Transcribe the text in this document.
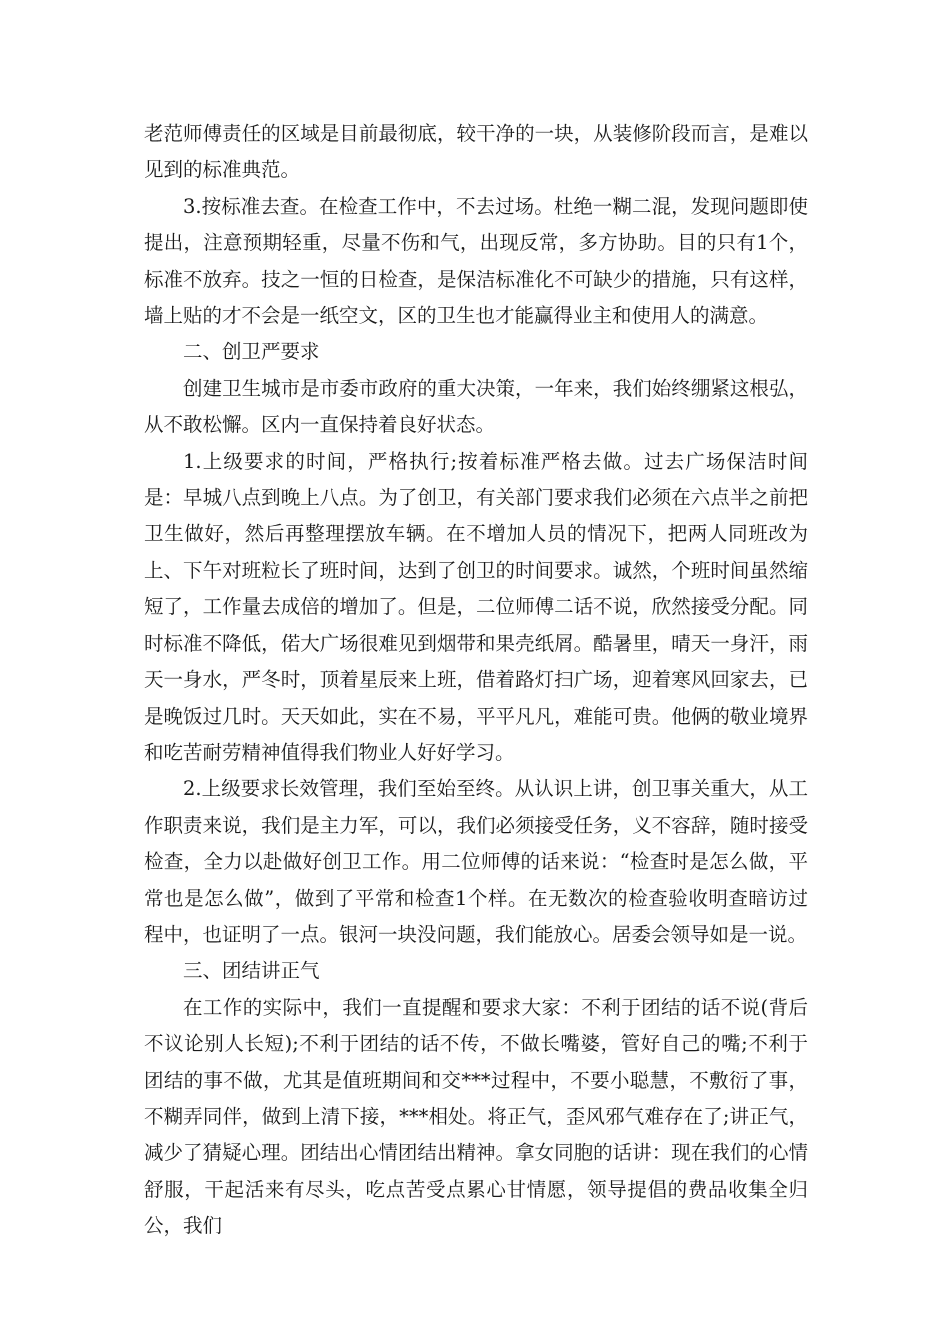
老范师傅责任的区域是目前最彻底，较干净的一块，从装修阶段而言，是难以见到的标准典范。

3.按标准去查。在检查工作中，不去过场。杜绝一糊二混，发现问题即使提出，注意预期轻重，尽量不伤和气，出现反常，多方协助。目的只有1个，标准不放弃。技之一恒的日检查，是保洁标准化不可缺少的措施，只有这样，墙上贴的才不会是一纸空文，区的卫生也才能赢得业主和使用人的满意。

二、创卫严要求

创建卫生城市是市委市政府的重大决策，一年来，我们始终绷紧这根弘，从不敢松懈。区内一直保持着良好状态。

1.上级要求的时间，严格执行;按着标准严格去做。过去广场保洁时间是：早城八点到晚上八点。为了创卫，有关部门要求我们必须在六点半之前把卫生做好，然后再整理摆放车辆。在不增加人员的情况下，把两人同班改为上、下午对班粒长了班时间，达到了创卫的时间要求。诚然，个班时间虽然缩短了，工作量去成倍的增加了。但是，二位师傅二话不说，欣然接受分配。同时标准不降低，偌大广场很难见到烟带和果壳纸屑。酷暑里，晴天一身汗，雨天一身水，严冬时，顶着星辰来上班，借着路灯扫广场，迎着寒风回家去，已是晚饭过几时。天天如此，实在不易，平平凡凡，难能可贵。他俩的敬业境界和吃苦耐劳精神值得我们物业人好好学习。

2.上级要求长效管理，我们至始至终。从认识上讲，创卫事关重大，从工作职责来说，我们是主力军，可以，我们必须接受任务，义不容辞，随时接受检查，全力以赴做好创卫工作。用二位师傅的话来说：“检查时是怎么做，平常也是怎么做”，做到了平常和检查1个样。在无数次的检查验收明查暗访过程中，也证明了一点。银河一块没问题，我们能放心。居委会领导如是一说。

三、团结讲正气

在工作的实际中，我们一直提醒和要求大家：不利于团结的话不说(背后不议论别人长短);不利于团结的话不传，不做长嘴婆，管好自己的嘴;不利于团结的事不做，尤其是值班期间和交***过程中，不要小聪慧，不敷衍了事，不糊弄同伴，做到上清下接，***相处。将正气，歪风邪气难存在了;讲正气，减少了猜疑心理。团结出心情团结出精神。拿女同胞的话讲：现在我们的心情舒服，干起活来有尽头，吃点苦受点累心甘情愿，领导提倡的费品收集全归公，我们
